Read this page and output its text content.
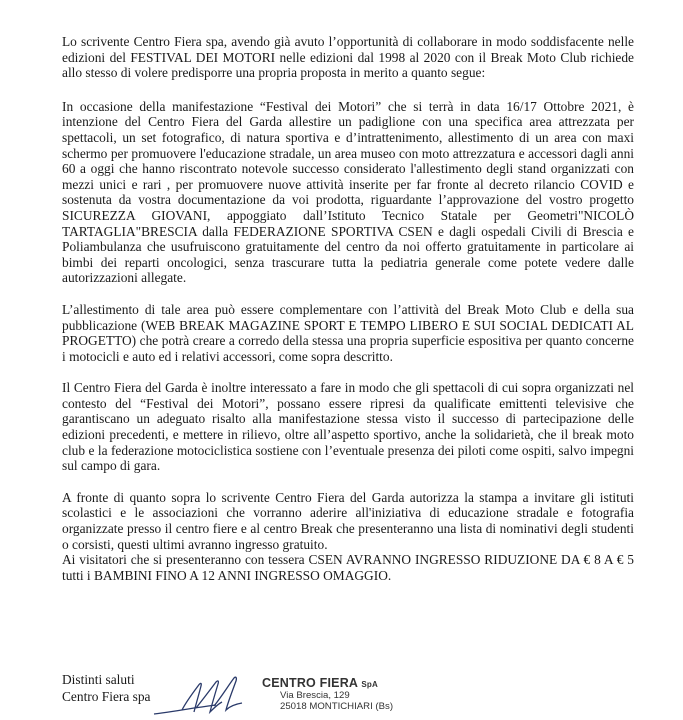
Lo scrivente Centro Fiera spa, avendo già avuto l’opportunità di collaborare in modo soddisfacente nelle edizioni del FESTIVAL DEI MOTORI nelle edizioni dal 1998 al 2020 con il Break Moto Club richiede allo stesso di volere predisporre una propria proposta in merito a quanto segue:

In occasione della manifestazione “Festival dei Motori” che si terrà in data 16/17 Ottobre 2021, è intenzione del Centro Fiera del Garda allestire un padiglione con una specifica area attrezzata per spettacoli, un set fotografico, di natura sportiva e d’intrattenimento, allestimento di un area con maxi schermo per promuovere l'educazione stradale, un area museo con moto attrezzatura e accessori dagli anni 60 a oggi che hanno riscontrato notevole successo considerato l'allestimento degli stand organizzati con mezzi unici e rari , per promuovere nuove attività inserite per far fronte al decreto rilancio COVID e sostenuta da vostra documentazione da voi prodotta, riguardante l’approvazione del vostro progetto SICUREZZA GIOVANI, appoggiato dall’Istituto Tecnico Statale per Geometri"NICOLÒ TARTAGLIA"BRESCIA dalla FEDERAZIONE SPORTIVA CSEN e dagli ospedali Civili di Brescia e Poliambulanza che usufruiscono gratuitamente del centro da noi offerto gratuitamente in particolare ai bimbi dei reparti oncologici, senza trascurare tutta la pediatria generale come potete vedere dalle autorizzazioni allegate.

L’allestimento di tale area può essere complementare con l’attività del Break Moto Club e della sua pubblicazione (WEB BREAK MAGAZINE SPORT E TEMPO LIBERO E SUI SOCIAL DEDICATI AL PROGETTO) che potrà creare a corredo della stessa una propria superficie espositiva per quanto concerne i motocicli e auto ed i relativi accessori, come sopra descritto.

Il Centro Fiera del Garda è inoltre interessato a fare in modo che gli spettacoli di cui sopra organizzati nel contesto del “Festival dei Motori”, possano essere ripresi da qualificate emittenti televisive che garantiscano un adeguato risalto alla manifestazione stessa visto il successo di partecipazione delle edizioni precedenti, e mettere in rilievo, oltre all’aspetto sportivo, anche la solidarietà, che il break moto club e la federazione motociclistica sostiene con l’eventuale presenza dei piloti come ospiti, salvo impegni sul campo di gara.

A fronte di quanto sopra lo scrivente Centro Fiera del Garda autorizza la stampa a invitare gli istituti scolastici e le associazioni che vorranno aderire all'iniziativa di educazione stradale e fotografia organizzate presso il centro fiere e al centro Break che presenteranno una lista di nominativi degli studenti o corsisti, questi ultimi avranno ingresso gratuito.

Ai visitatori che si presenteranno con tessera CSEN AVRANNO INGRESSO RIDUZIONE DA € 8 A € 5 tutti i BAMBINI FINO A 12 ANNI INGRESSO OMAGGIO.

Distinti saluti
Centro Fiera spa
CENTRO FIERA SpA
Via Brescia, 129
25018 MONTICHIARI (Bs)
